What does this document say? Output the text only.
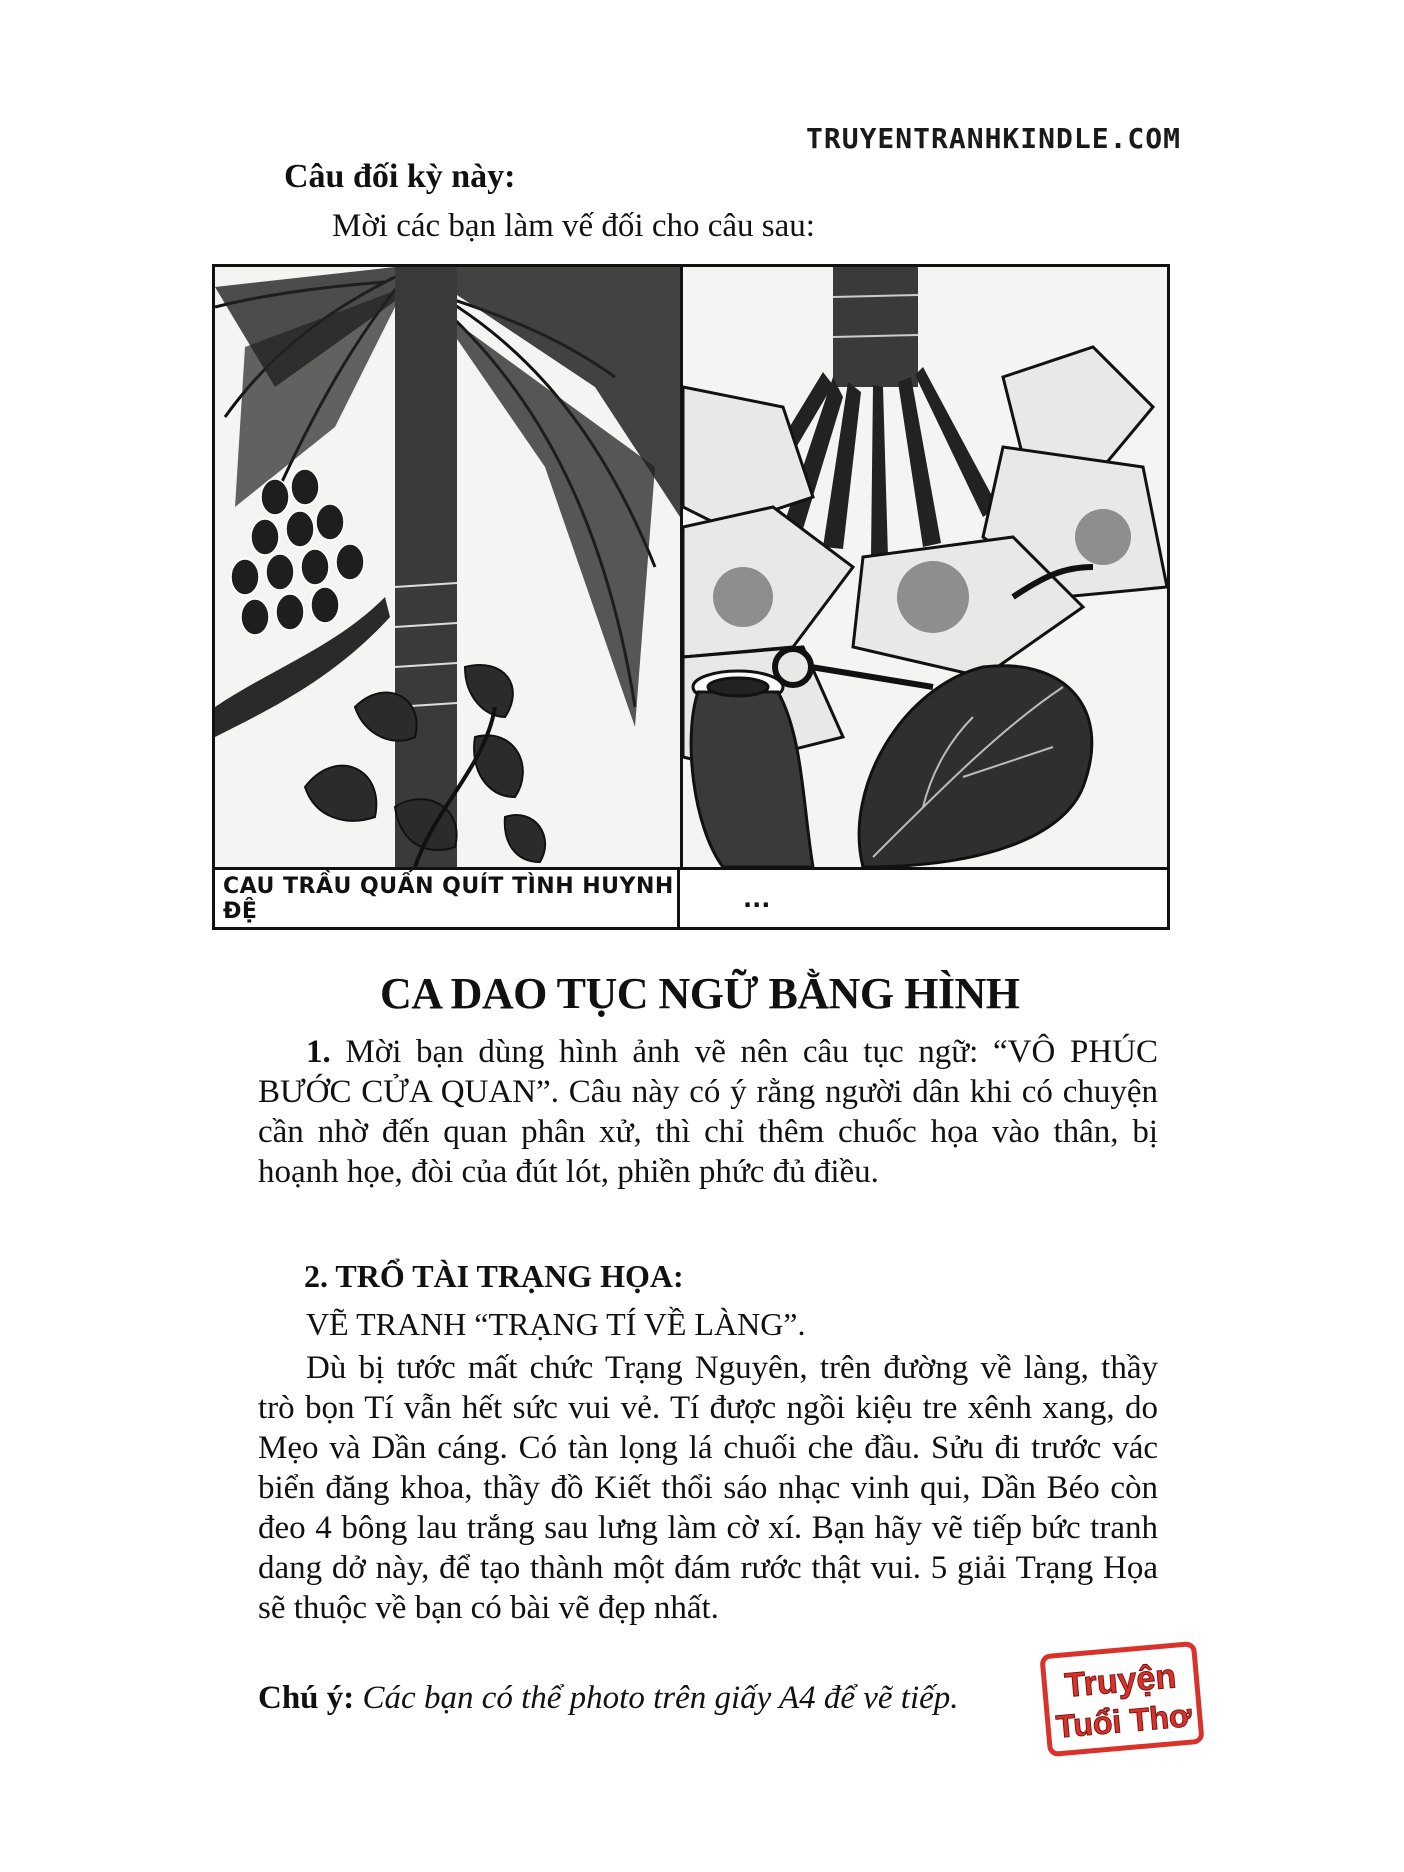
TRUYENTRANHKINDLE.COM
Câu đối kỳ này:
Mời các bạn làm vế đối cho câu sau:
CAU TRẦU QUẤN QUÍT TÌNH HUYNH ĐỆ	...
CA DAO TỤC NGỮ BẰNG HÌNH
1. Mời bạn dùng hình ảnh vẽ nên câu tục ngữ: “VÔ PHÚC BƯỚC CỬA QUAN”. Câu này có ý rằng người dân khi có chuyện cần nhờ đến quan phân xử, thì chỉ thêm chuốc họa vào thân, bị hoạnh họe, đòi của đút lót, phiền phức đủ điều.
2. TRỔ TÀI TRẠNG HỌA:
VẼ TRANH “TRẠNG TÍ VỀ LÀNG”.
Dù bị tước mất chức Trạng Nguyên, trên đường về làng, thầy trò bọn Tí vẫn hết sức vui vẻ. Tí được ngồi kiệu tre xênh xang, do Mẹo và Dần cáng. Có tàn lọng lá chuối che đầu. Sửu đi trước vác biển đăng khoa, thầy đồ Kiết thổi sáo nhạc vinh qui, Dần Béo còn đeo 4 bông lau trắng sau lưng làm cờ xí. Bạn hãy vẽ tiếp bức tranh dang dở này, để tạo thành một đám rước thật vui. 5 giải Trạng Họa sẽ thuộc về bạn có bài vẽ đẹp nhất.
Chú ý: Các bạn có thể photo trên giấy A4 để vẽ tiếp.	Truyện
Tuổi Thơ
